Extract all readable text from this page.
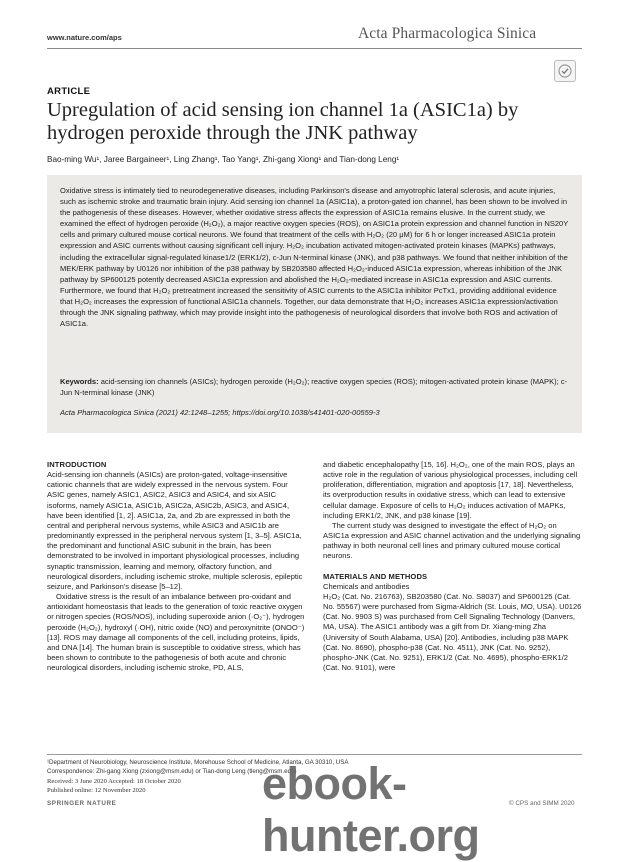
www.nature.com/aps	Acta Pharmacologica Sinica
ARTICLE
Upregulation of acid sensing ion channel 1a (ASIC1a) by hydrogen peroxide through the JNK pathway
Bao-ming Wu¹, Jaree Bargaineer¹, Ling Zhang¹, Tao Yang¹, Zhi-gang Xiong¹ and Tian-dong Leng¹

Oxidative stress is intimately tied to neurodegenerative diseases, including Parkinson's disease and amyotrophic lateral sclerosis, and acute injuries, such as ischemic stroke and traumatic brain injury. Acid sensing ion channel 1a (ASIC1a), a proton-gated ion channel, has been shown to be involved in the pathogenesis of these diseases. However, whether oxidative stress affects the expression of ASIC1a remains elusive. In the current study, we examined the effect of hydrogen peroxide (H₂O₂), a major reactive oxygen species (ROS), on ASIC1a protein expression and channel function in NS20Y cells and primary cultured mouse cortical neurons. We found that treatment of the cells with H₂O₂ (20 μM) for 6 h or longer increased ASIC1a protein expression and ASIC currents without causing significant cell injury. H₂O₂ incubation activated mitogen-activated protein kinases (MAPKs) pathways, including the extracellular signal-regulated kinase1/2 (ERK1/2), c-Jun N-terminal kinase (JNK), and p38 pathways. We found that neither inhibition of the MEK/ERK pathway by U0126 nor inhibition of the p38 pathway by SB203580 affected H₂O₂-induced ASIC1a expression, whereas inhibition of the JNK pathway by SP600125 potently decreased ASIC1a expression and abolished the H₂O₂-mediated increase in ASIC1a expression and ASIC currents. Furthermore, we found that H₂O₂ pretreatment increased the sensitivity of ASIC currents to the ASIC1a inhibitor PcTx1, providing additional evidence that H₂O₂ increases the expression of functional ASIC1a channels. Together, our data demonstrate that H₂O₂ increases ASIC1a expression/activation through the JNK signaling pathway, which may provide insight into the pathogenesis of neurological disorders that involve both ROS and activation of ASIC1a.

Keywords: acid-sensing ion channels (ASICs); hydrogen peroxide (H₂O₂); reactive oxygen species (ROS); mitogen-activated protein kinase (MAPK); c-Jun N-terminal kinase (JNK)
Acta Pharmacologica Sinica (2021) 42:1248–1255; https://doi.org/10.1038/s41401-020-00559-3

INTRODUCTION

Acid-sensing ion channels (ASICs) are proton-gated, voltage-insensitive cationic channels that are widely expressed in the nervous system. Four ASIC genes, namely ASIC1, ASIC2, ASIC3 and ASIC4, and six ASIC isoforms, namely ASIC1a, ASIC1b, ASIC2a, ASIC2b, ASIC3, and ASIC4, have been identified [1, 2]. ASIC1a, 2a, and 2b are expressed in both the central and peripheral nervous systems, while ASIC3 and ASIC1b are predominantly expressed in the peripheral nervous system [1, 3–5]. ASIC1a, the predominant and functional ASIC subunit in the brain, has been demonstrated to be involved in important physiological processes, including synaptic transmission, learning and memory, olfactory function, and neurological disorders, including ischemic stroke, multiple sclerosis, epileptic seizure, and Parkinson's disease [5–12].

Oxidative stress is the result of an imbalance between pro-oxidant and antioxidant homeostasis that leads to the generation of toxic reactive oxygen or nitrogen species (ROS/NOS), including superoxide anion (·O₂⁻), hydrogen peroxide (H₂O₂), hydroxyl (·OH), nitric oxide (NO) and peroxynitrite (ONOO⁻) [13]. ROS may damage all components of the cell, including proteins, lipids, and DNA [14]. The human brain is susceptible to oxidative stress, which has been shown to contribute to the pathogenesis of both acute and chronic neurological disorders, including ischemic stroke, PD, ALS,

and diabetic encephalopathy [15, 16]. H₂O₂, one of the main ROS, plays an active role in the regulation of various physiological processes, including cell proliferation, differentiation, migration and apoptosis [17, 18]. Nevertheless, its overproduction results in oxidative stress, which can lead to extensive cellular damage. Exposure of cells to H₂O₂ induces activation of MAPKs, including ERK1/2, JNK, and p38 kinase [19].

The current study was designed to investigate the effect of H₂O₂ on ASIC1a expression and ASIC channel activation and the underlying signaling pathway in both neuronal cell lines and primary cultured mouse cortical neurons.

MATERIALS AND METHODS

Chemicals and antibodies

H₂O₂ (Cat. No. 216763), SB203580 (Cat. No. S8037) and SP600125 (Cat. No. 55567) were purchased from Sigma-Aldrich (St. Louis, MO, USA). U0126 (Cat. No. 9903 S) was purchased from Cell Signaling Technology (Danvers, MA, USA). The ASIC1 antibody was a gift from Dr. Xiang-ming Zha (University of South Alabama, USA) [20]. Antibodies, including p38 MAPK (Cat. No. 8690), phospho-p38 (Cat. No. 4511), JNK (Cat. No. 9252), phospho-JNK (Cat. No. 9251), ERK1/2 (Cat. No. 4695), phospho-ERK1/2 (Cat. No. 9101), were

¹Department of Neurobiology, Neuroscience Institute, Morehouse School of Medicine, Atlanta, GA 30310, USA
Correspondence: Zhi-gang Xiong (zxiong@msm.edu) or Tian-dong Leng (tleng@msm.edu)
Received: 3 June 2020 Accepted: 18 October 2020
Published online: 12 November 2020
SPRINGER NATURE	© CPS and SIMM 2020
ebook-hunter.org
